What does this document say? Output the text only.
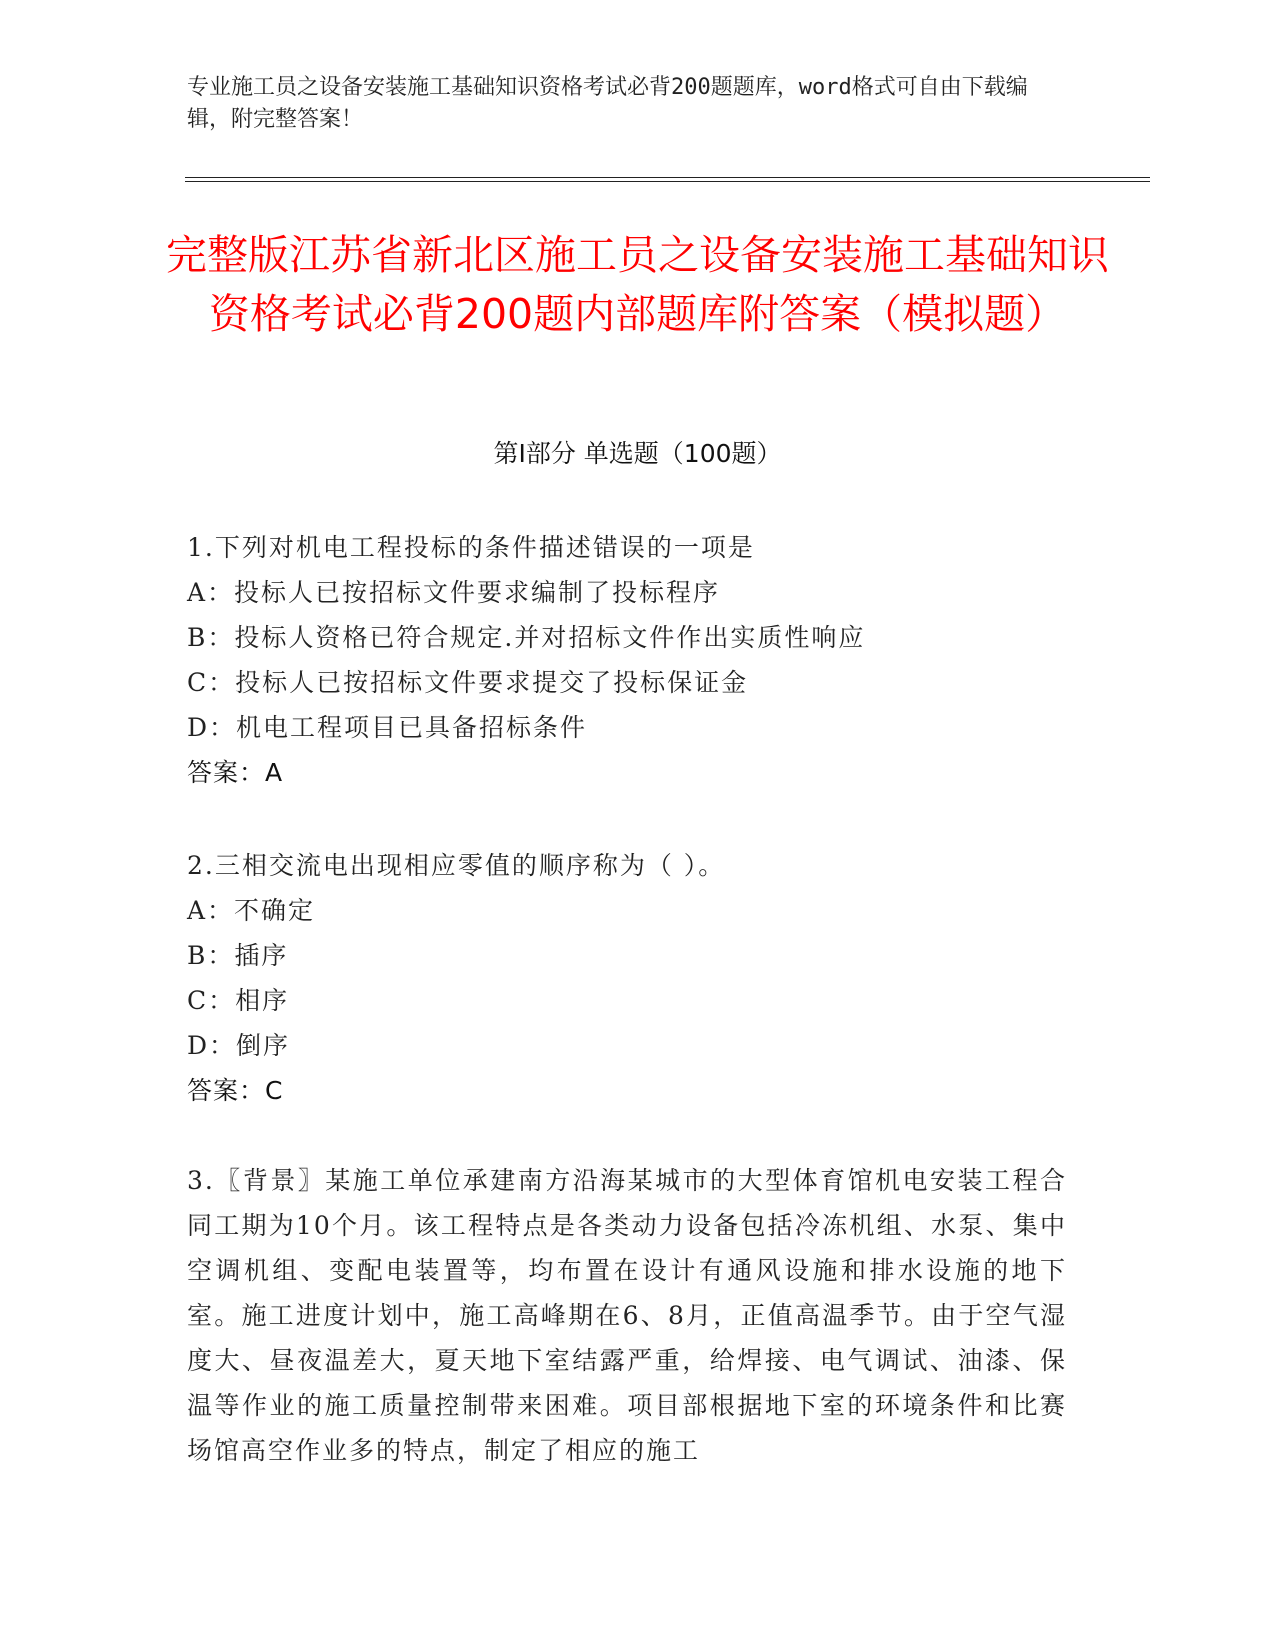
专业施工员之设备安装施工基础知识资格考试必背200题题库，word格式可自由下载编辑，附完整答案！
完整版江苏省新北区施工员之设备安装施工基础知识资格考试必背200题内部题库附答案（模拟题）
第Ⅰ部分 单选题（100题）
1.下列对机电工程投标的条件描述错误的一项是
A：投标人已按招标文件要求编制了投标程序
B：投标人资格已符合规定.并对招标文件作出实质性响应
C：投标人已按招标文件要求提交了投标保证金
D：机电工程项目已具备招标条件
答案：A
2.三相交流电出现相应零值的顺序称为（ ）。
A：不确定
B：插序
C：相序
D：倒序
答案：C
3.〖背景〗某施工单位承建南方沿海某城市的大型体育馆机电安装工程合同工期为10个月。该工程特点是各类动力设备包括冷冻机组、水泵、集中空调机组、变配电装置等，均布置在设计有通风设施和排水设施的地下室。施工进度计划中，施工高峰期在6、8月，正值高温季节。由于空气湿度大、昼夜温差大，夏天地下室结露严重，给焊接、电气调试、油漆、保温等作业的施工质量控制带来困难。项目部根据地下室的环境条件和比赛场馆高空作业多的特点，制定了相应的施工
